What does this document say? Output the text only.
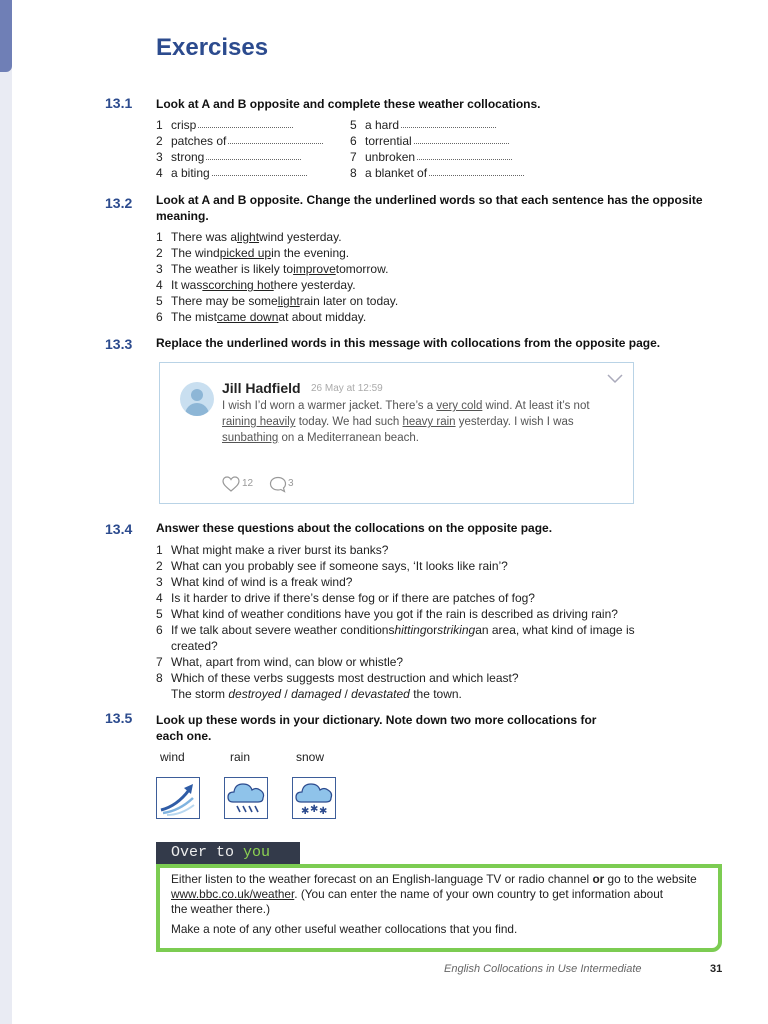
Exercises
13.1 Look at A and B opposite and complete these weather collocations.
1 crisp
2 patches of
3 strong
4 a biting
5 a hard
6 torrential
7 unbroken
8 a blanket of
13.2 Look at A and B opposite. Change the underlined words so that each sentence has the opposite
meaning.
1 There was a light wind yesterday.
2 The wind picked up in the evening.
3 The weather is likely to improve tomorrow.
4 It was scorching hot here yesterday.
5 There may be some light rain later on today.
6 The mist came down at about midday.
13.3 Replace the underlined words in this message with collocations from the opposite page.
Jill Hadfield 26 May at 12:59
I wish I’d worn a warmer jacket. There’s a very cold wind. At least it’s not
raining heavily today. We had such heavy rain yesterday. I wish I was
sunbathing on a Mediterranean beach.
12	3
13.4 Answer these questions about the collocations on the opposite page.
1 What might make a river burst its banks?
2 What can you probably see if someone says, ‘It looks like rain’?
3 What kind of wind is a freak wind?
4 Is it harder to drive if there’s dense fog or if there are patches of fog?
5 What kind of weather conditions have you got if the rain is described as driving rain?
6 If we talk about severe weather conditions hitting or striking an area, what kind of image is
created?
7 What, apart from wind, can blow or whistle?
8 Which of these verbs suggests most destruction and which least?
The storm destroyed / damaged / devastated the town.
13.5 Look up these words in your dictionary. Note down two more collocations for
each one.
wind	rain	snow
✱ ✱ ✱
Over to you

Either listen to the weather forecast on an English-language TV or radio channel or go to the website
www.bbc.co.uk/weather. (You can enter the name of your own country to get information about
the weather there.)

Make a note of any other useful weather collocations that you find.

English Collocations in Use Intermediate	31
